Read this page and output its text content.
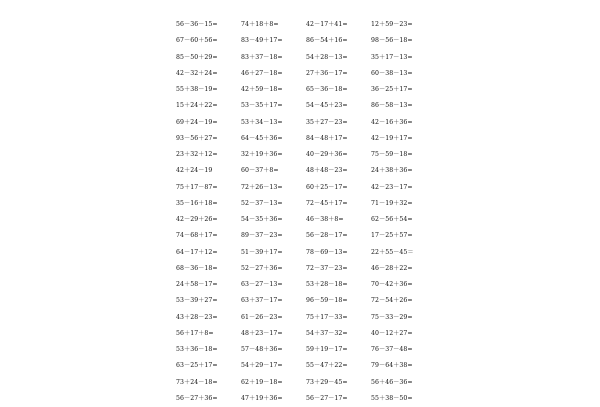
56－36－15=	74＋18＋8=	42－17＋41=	12＋59－23=
67－60＋56=	83－49＋17=	86－54＋16=	98－56－18=
85－50＋29=	83＋37－18=	54＋28－13=	35＋17－13=
42－32＋24=	46＋27－18=	27＋36－17=	60－38－13=
55＋38－19=	42＋59－18=	65－36－18=	36－25＋17=
15＋24＋22=	53－35＋17=	54－45＋23=	86－58－13=
69＋24－19=	53＋34－13=	35＋27－23=	42－16＋36=
93－56＋27=	64－45＋36=	84－48＋17=	42－19＋17=
23＋32＋12=	32＋19＋36=	40－29＋36=	75－59－18=
42＋24－19	60－37＋8=	48＋48－23=	24＋38＋36=
75＋17－87=	72＋26－13=	60＋25－17=	42－23－17=
35－16＋18=	52－37－13=	72－45＋17=	71－19＋32=
42－29＋26=	54－35＋36=	46－38＋8=	62－56＋54=
74－68＋17=	89－37－23=	56－28－17=	17－25＋57=
64－17＋12=	51－39＋17=	78－69－13=	22＋55－45＝
68－36－18=	52－27＋36=	72－37－23=	46－28＋22=
24＋58－17=	63－27－13=	53＋28－18=	70－42＋36=
53－39＋27=	63＋37－17=	96－59－18=	72－54＋26=
43＋28－23=	61－26－23=	75＋17－33=	75－33－29=
56＋17＋8=	48＋23－17=	54＋37－32=	40－12＋27=
53＋36－18=	57－48＋36=	59＋19－17=	76－37－48=
63－25＋17=	54＋29－17=	55－47＋22=	79－64＋38=
73＋24－18=	62＋19－18=	73＋29－45=	56＋46－36=
56－27＋36=	47＋19＋36=	56－27－17=	55＋38－50=
